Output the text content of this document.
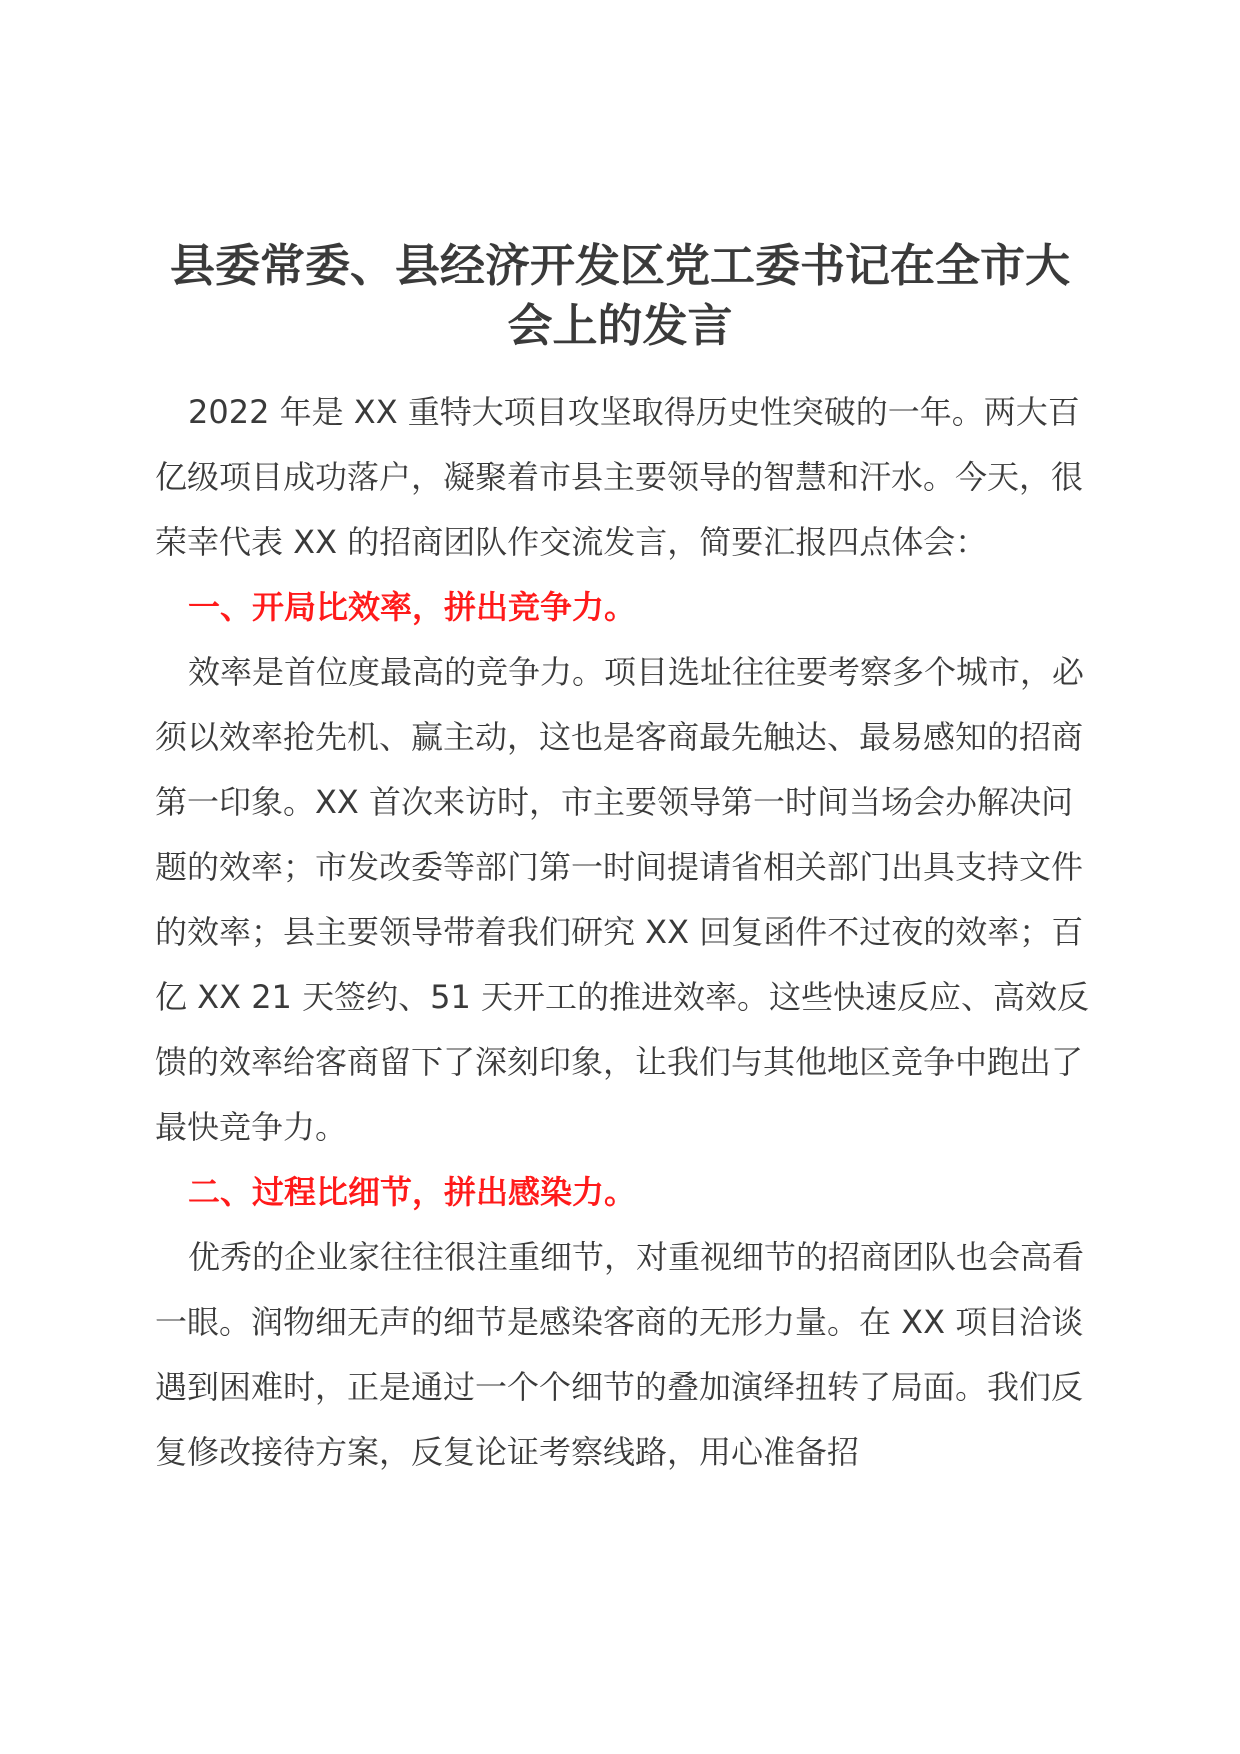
县委常委、县经济开发区党工委书记在全市大会上的发言

2022 年是 XX 重特大项目攻坚取得历史性突破的一年。两大百亿级项目成功落户，凝聚着市县主要领导的智慧和汗水。今天，很荣幸代表 XX 的招商团队作交流发言，简要汇报四点体会：

一、开局比效率，拼出竞争力。

效率是首位度最高的竞争力。项目选址往往要考察多个城市，必须以效率抢先机、赢主动，这也是客商最先触达、最易感知的招商第一印象。XX 首次来访时，市主要领导第一时间当场会办解决问题的效率；市发改委等部门第一时间提请省相关部门出具支持文件的效率；县主要领导带着我们研究 XX 回复函件不过夜的效率；百亿 XX 21 天签约、51 天开工的推进效率。这些快速反应、高效反馈的效率给客商留下了深刻印象，让我们与其他地区竞争中跑出了最快竞争力。

二、过程比细节，拼出感染力。

优秀的企业家往往很注重细节，对重视细节的招商团队也会高看一眼。润物细无声的细节是感染客商的无形力量。在 XX 项目洽谈遇到困难时，正是通过一个个细节的叠加演绎扭转了局面。我们反复修改接待方案，反复论证考察线路，用心准备招
